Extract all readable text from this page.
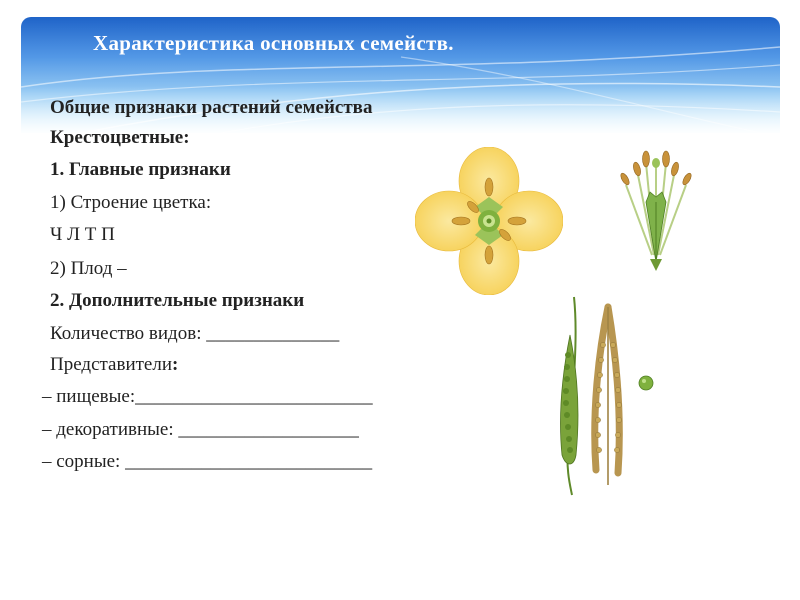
Характеристика основных семейств.
Общие признаки растений семейства
Крестоцветные:
1. Главные признаки
1) Строение цветка:
Ч Л Т П
2) Плод –
2. Дополнительные признаки
Количество видов: ______________
Представители:
– пищевые:_________________________
– декоративные: ___________________
– сорные: __________________________
